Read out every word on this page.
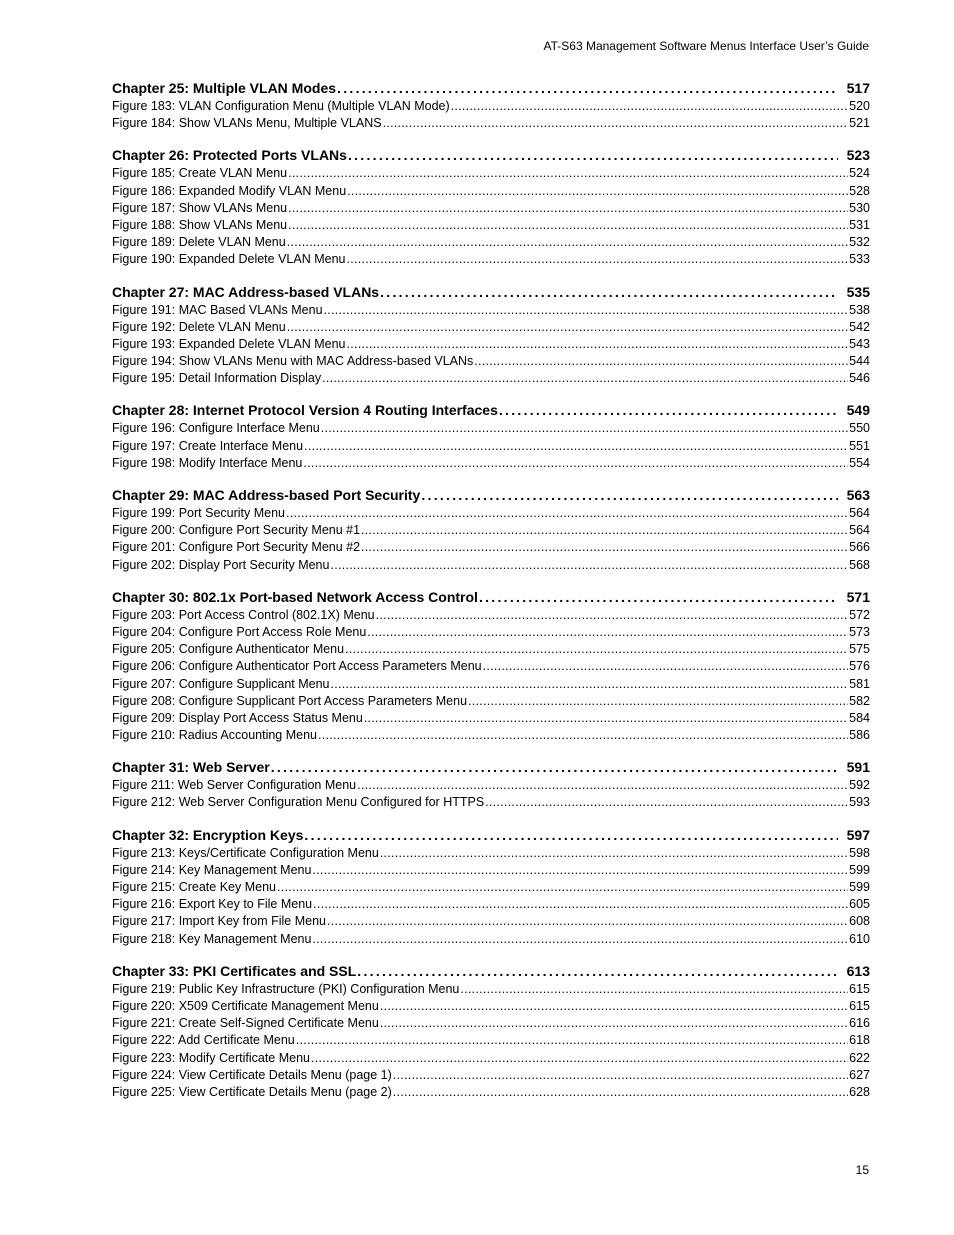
AT-S63 Management Software Menus Interface User’s Guide
Chapter 25: Multiple VLAN Modes . . .	517
Figure 183: VLAN Configuration Menu (Multiple VLAN Mode) . . .	520
Figure 184: Show VLANs Menu, Multiple VLANS . . .	521
Chapter 26: Protected Ports VLANs . . .	523
Figure 185: Create VLAN Menu . . .	524
Figure 186: Expanded Modify VLAN Menu . . .	528
Figure 187: Show VLANs Menu . . .	530
Figure 188: Show VLANs Menu . . .	531
Figure 189: Delete VLAN Menu . . .	532
Figure 190: Expanded Delete VLAN Menu . . .	533
Chapter 27: MAC Address-based VLANs . . .	535
Figure 191: MAC Based VLANs Menu . . .	538
Figure 192: Delete VLAN Menu . . .	542
Figure 193: Expanded Delete VLAN Menu . . .	543
Figure 194: Show VLANs Menu with MAC Address-based VLANs . . .	544
Figure 195: Detail Information Display . . .	546
Chapter 28: Internet Protocol Version 4 Routing Interfaces . . .	549
Figure 196: Configure Interface Menu . . .	550
Figure 197: Create Interface Menu . . .	551
Figure 198: Modify Interface Menu . . .	554
Chapter 29: MAC Address-based Port Security . . .	563
Figure 199: Port Security Menu . . .	564
Figure 200: Configure Port Security Menu #1 . . .	564
Figure 201: Configure Port Security Menu #2 . . .	566
Figure 202: Display Port Security Menu . . .	568
Chapter 30: 802.1x Port-based Network Access Control . . .	571
Figure 203: Port Access Control (802.1X) Menu . . .	572
Figure 204: Configure Port Access Role Menu . . .	573
Figure 205: Configure Authenticator Menu . . .	575
Figure 206: Configure Authenticator Port Access Parameters Menu . . .	576
Figure 207: Configure Supplicant Menu . . .	581
Figure 208: Configure Supplicant Port Access Parameters Menu . . .	582
Figure 209: Display Port Access Status Menu . . .	584
Figure 210: Radius Accounting Menu . . .	586
Chapter 31: Web Server . . .	591
Figure 211: Web Server Configuration Menu . . .	592
Figure 212: Web Server Configuration Menu Configured for HTTPS . . .	593
Chapter 32: Encryption Keys . . .	597
Figure 213: Keys/Certificate Configuration Menu . . .	598
Figure 214: Key Management Menu . . .	599
Figure 215: Create Key Menu . . .	599
Figure 216: Export Key to File Menu . . .	605
Figure 217: Import Key from File Menu . . .	608
Figure 218: Key Management Menu . . .	610
Chapter 33: PKI Certificates and SSL . . .	613
Figure 219: Public Key Infrastructure (PKI) Configuration Menu . . .	615
Figure 220: X509 Certificate Management Menu . . .	615
Figure 221: Create Self-Signed Certificate Menu . . .	616
Figure 222: Add Certificate Menu . . .	618
Figure 223: Modify Certificate Menu . . .	622
Figure 224: View Certificate Details Menu (page 1) . . .	627
Figure 225: View Certificate Details Menu (page 2) . . .	628
15
